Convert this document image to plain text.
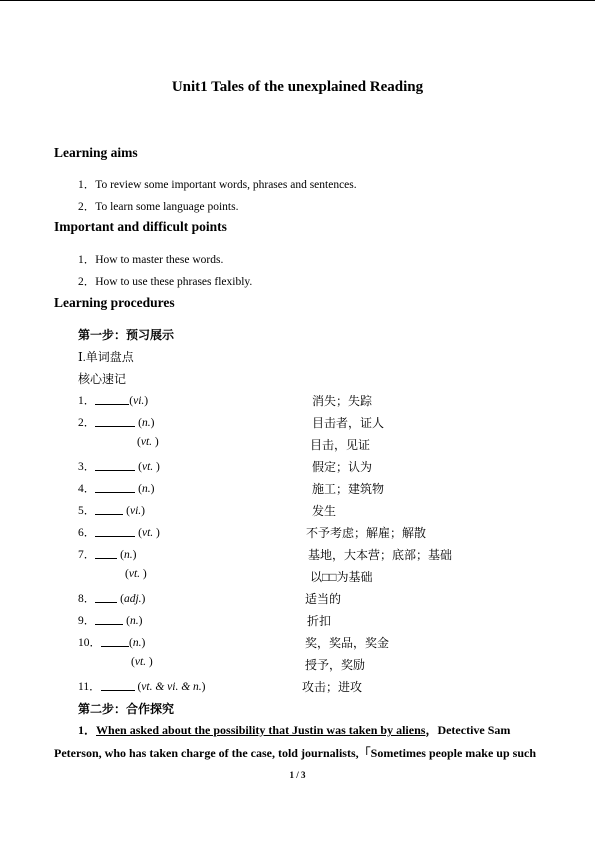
Unit1 Tales of the unexplained Reading
Learning aims
1．To review some important words, phrases and sentences.
2．To learn some language points.
Important and difficult points
1．How to master these words.
2．How to use these phrases flexibly.
Learning procedures
第一步：预习展示
Ⅰ.单词盘点
核心速记
1．	(vi.)	消失；失踪
2．	(n.)	目击者，证人
(vt. )	目击，见证
3．	(vt. )	假定；认为
4．	(n.)	施工；建筑物
5． (vi.)	发生
6．	(vt. )	不予考虑；解雇；解散
7． (n.)	基地，大本营；底部；基础
(vt. )	以□□为基础
8． (adj.)	适当的
9． (n.)	折扣
10． (n.)	奖，奖品，奖金
(vt. )	授予，奖励
11．	(vt. & vi. & n.)	攻击；进攻
第二步：合作探究
1．When asked about the possibility that Justin was taken by aliens，Detective Sam
Peterson, who has taken charge of the case, told journalists,「Sometimes people make up such
1 / 3
